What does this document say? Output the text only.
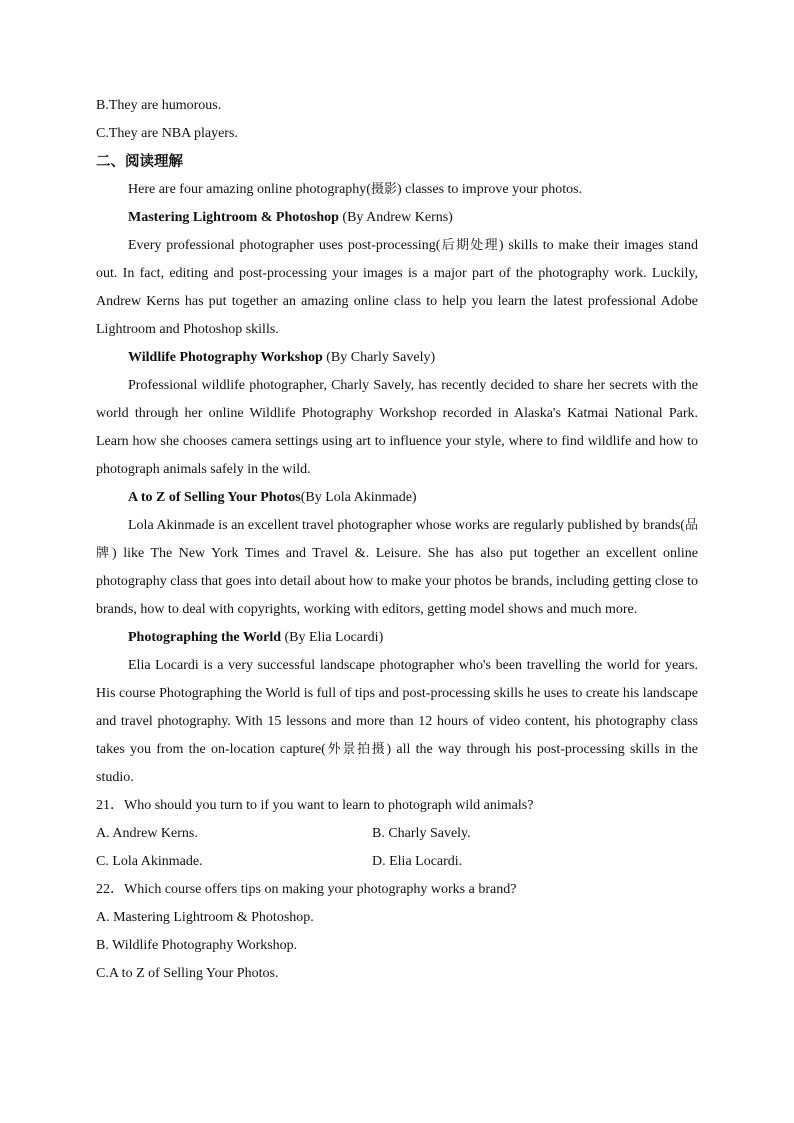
B.They are humorous.
C.They are NBA players.
二、阅读理解
Here are four amazing online photography(摄影) classes to improve your photos.
Mastering Lightroom & Photoshop (By Andrew Kerns)

Every professional photographer uses post-processing(后期处理) skills to make their images stand out. In fact, editing and post-processing your images is a major part of the photography work. Luckily, Andrew Kerns has put together an amazing online class to help you learn the latest professional Adobe Lightroom and Photoshop skills.

Wildlife Photography Workshop (By Charly Savely)

Professional wildlife photographer, Charly Savely, has recently decided to share her secrets with the world through her online Wildlife Photography Workshop recorded in Alaska's Katmai National Park. Learn how she chooses camera settings using art to influence your style, where to find wildlife and how to photograph animals safely in the wild.

A to Z of Selling Your Photos(By Lola Akinmade)

Lola Akinmade is an excellent travel photographer whose works are regularly published by brands(品牌) like The New York Times and Travel &. Leisure. She has also put together an excellent online photography class that goes into detail about how to make your photos be brands, including getting close to brands, how to deal with copyrights, working with editors, getting model shows and much more.

Photographing the World (By Elia Locardi)

Elia Locardi is a very successful landscape photographer who's been travelling the world for years. His course Photographing the World is full of tips and post-processing skills he uses to create his landscape and travel photography. With 15 lessons and more than 12 hours of video content, his photography class takes you from the on-location capture(外景拍摄) all the way through his post-processing skills in the studio.

21．Who should you turn to if you want to learn to photograph wild animals?
A. Andrew Kerns.	B. Charly Savely.
C. Lola Akinmade.	D. Elia Locardi.
22．Which course offers tips on making your photography works a brand?
A. Mastering Lightroom & Photoshop.
B. Wildlife Photography Workshop.
C.A to Z of Selling Your Photos.
